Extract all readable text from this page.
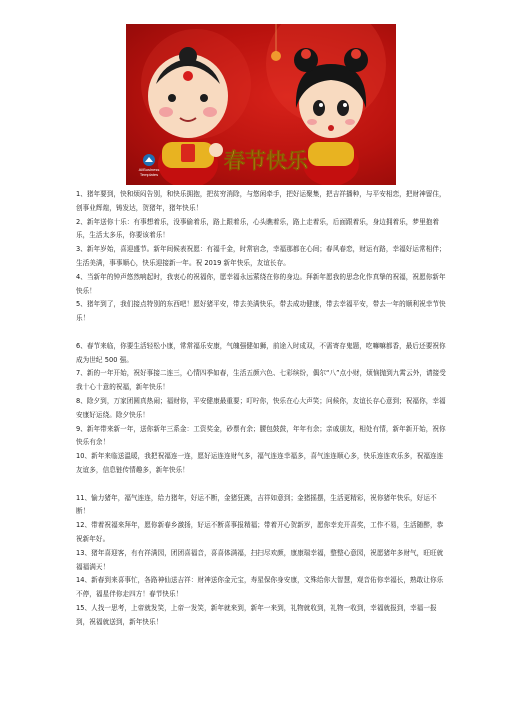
春节快乐
AllBusiness
Templates

1、猪年要到，快和烦闷告别，和快乐拥抱，把贫穷消除，与悠闲牵手，把好运聚集，把吉祥播种，与平安相恋，把财神留住，创事业辉煌，铸发达，贺猪年，猪年快乐！

2、新年送你十乐：有事想着乐，没事偷着乐，路上跟着乐，心头瞧着乐，路上走着乐，后面跟着乐，身边拥着乐，梦里抱着乐，生活太多乐，你要该着乐！

3、新年岁始，喜迎盛节。新年间候表祝愿：有福千金，时常宿念，幸福那都在心间；春风春恋，财运有路，幸福好运常相伴；生活美满，事事顺心，快乐迎接新一年。祝 2019 新年快乐，友谊长存。

4、当新年的钟声悠然响起时，我衷心的祝福你，愿幸福永远萦绕在你的身边。拜新年愿我的思念化作真挚的祝福，祝愿你新年快乐！

5、猪年到了，我们接点特别的东西吧！愿好猪平安，带去美满快乐，带去成功健康，带去幸福平安，带去一年的顺利祝幸节快乐！

6、春节来临，你要生活轻松小康，常常福乐安康，气魄强健如狮，前途入时成双，不需寄存鬼题，吃嘛嘛都香，最后还要祝你成为世纪 500 强。

7、新的一年开始，祝好事接二连三，心情四季如春，生活五颜六色、七彩缤纷，偶尔“八”点小财，烦恼抛到九霄云外，请接受我十心十意的祝福，新年快乐！

8、除夕到，万家团圆真热闹；福财你，平安健康最重要；叮咛你，快乐在心大声笑；问候你，友谊长存心意到；祝福你，幸福安康好运绕。除夕快乐！

9、新年带来新一年，送你新年三系金：工资奖金，砂票有余；腰包鼓鼓，年年有余；亲戚朋友，相处有情，新年新开始，祝你快乐有余！

10、新年来临送温暖，我把祝福连一连，愿好运连连财气多，福气连连幸福多，喜气连连顺心多，快乐连连欢乐多，祝福连连友谊多，信息链传情趣多，新年快乐！

11、愉力猪年，福气连连，给力猪年，好运不断，金猪狂跳，吉祥如意到；金猪摇摆，生活更精彩，祝你猪年快乐，好运不断！

12、带着祝福来拜年，愿你新春乡激扬，好运不断喜事报精福；带着开心贺新岁，愿你幸充开喜奖，工作不易，生活随醉，恭祝新年好。

13、猪年喜迎客，有有祥满园，团团喜福音，喜喜体满福，扫扫尽欢颜，康康瑞幸福，整整心意园，祝愿猪年多财气，旺旺就福福满天！

14、新春到来喜事忙，各路神仙送吉祥：财神送你金元宝，寿星保你身安康，文殊给你大智慧，观音佑你幸福长，熟敢让你乐不停，福星伴你走四方！春节快乐！

15、人找一思考，上帝就发笑，上帝一发笑，新年就来到，新年一来到，礼物就收到，礼物一收到，幸福就报到，幸福一报到，祝福就送到，新年快乐！
